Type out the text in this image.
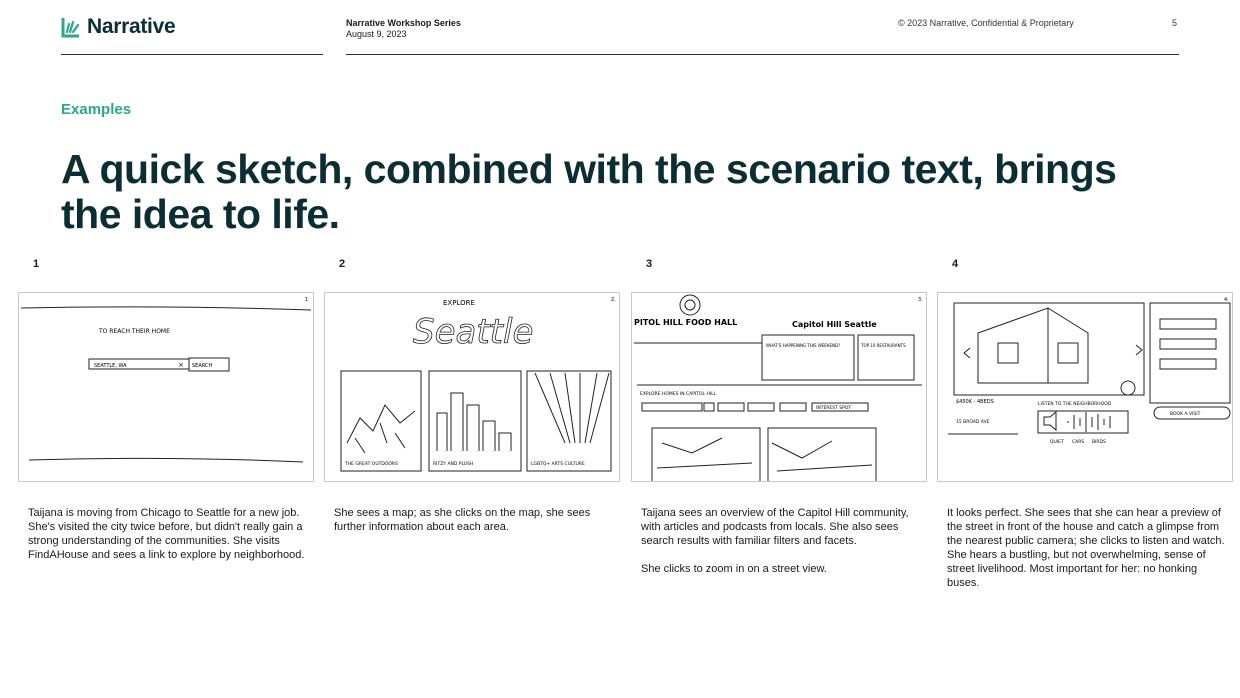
Narrative	Narrative Workshop Series
August 9, 2023
© 2023 Narrative, Confidential & Proprietary	5
Examples
A quick sketch, combined with the scenario text, brings the idea to life.
1
1
TO REACH THEIR HOME
SEATTLE, WA	× SEARCH

Taijana is moving from Chicago to Seattle for a new job. She's visited the city twice before, but didn't really gain a strong understanding of the communities. She visits FindAHouse and sees a link to explore by neighborhood.

2
EXPLORE
Seattle
2.
THE GREAT OUTDOORS	RITZY AND PLUSH	LGBTQ+ ARTS CULTURE

She sees a map; as she clicks on the map, she sees further information about each area.

3
PITOL HILL FOOD HALL	Capitol Hill Seattle
3.
WHAT'S HAPPENING THIS WEEKEND?	TOP 10 RESTAURANTS
EXPLORE HOMES IN CAPITOL HILL
INTEREST SPOT

Taijana sees an overview of the Capitol Hill community, with articles and podcasts from locals. She also sees search results with familiar filters and facets.

She clicks to zoom in on a street view.

4
4.
LISTEN TO THE NEIGHBORHOOD
$450K - 4BEDS
15 BROAD AVE
QUIET CARS BIRDS
BOOK A VISIT

It looks perfect. She sees that she can hear a preview of the street in front of the house and catch a glimpse from the nearest public camera; she clicks to listen and watch. She hears a bustling, but not overwhelming, sense of street livelihood. Most important for her: no honking buses.
